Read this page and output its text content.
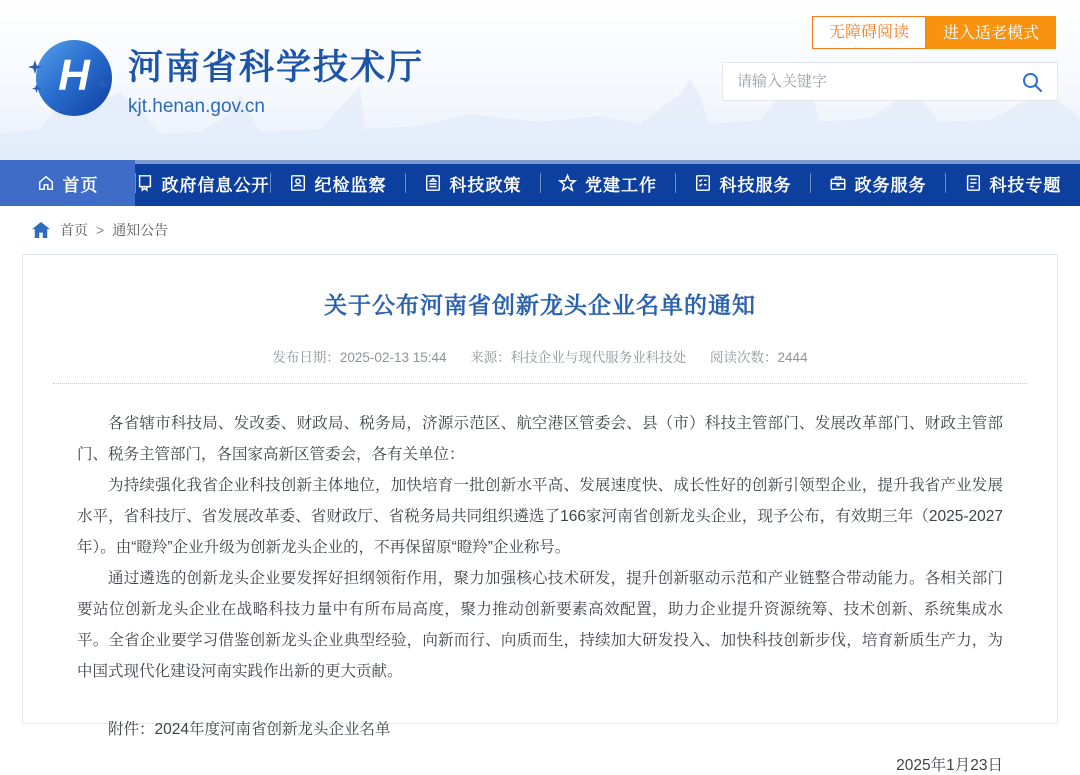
H 河南省科学技术厅
kjt.henan.gov.cn
无障碍阅读	进入适老模式
请输入关键字
首页	政府信息公开	纪检监察	科技政策	党建工作	科技服务	政务服务	科技专题
首页 > 通知公告
关于公布河南省创新龙头企业名单的通知
发布日期：2025-02-13 15:44 来源：科技企业与现代服务业科技处 阅读次数：2444

各省辖市科技局、发改委、财政局、税务局，济源示范区、航空港区管委会、县（市）科技主管部门、发展改革部门、财政主管部门、税务主管部门，各国家高新区管委会，各有关单位：

为持续强化我省企业科技创新主体地位，加快培育一批创新水平高、发展速度快、成长性好的创新引领型企业，提升我省产业发展水平，省科技厅、省发展改革委、省财政厅、省税务局共同组织遴选了166家河南省创新龙头企业，现予公布，有效期三年（2025-2027年）。由“瞪羚”企业升级为创新龙头企业的，不再保留原“瞪羚”企业称号。

通过遴选的创新龙头企业要发挥好担纲领衔作用，聚力加强核心技术研发，提升创新驱动示范和产业链整合带动能力。各相关部门要站位创新龙头企业在战略科技力量中有所布局高度，聚力推动创新要素高效配置，助力企业提升资源统筹、技术创新、系统集成水平。全省企业要学习借鉴创新龙头企业典型经验，向新而行、向质而生，持续加大研发投入、加快科技创新步伐，培育新质生产力，为中国式现代化建设河南实践作出新的更大贡献。

附件：2024年度河南省创新龙头企业名单
2025年1月23日
